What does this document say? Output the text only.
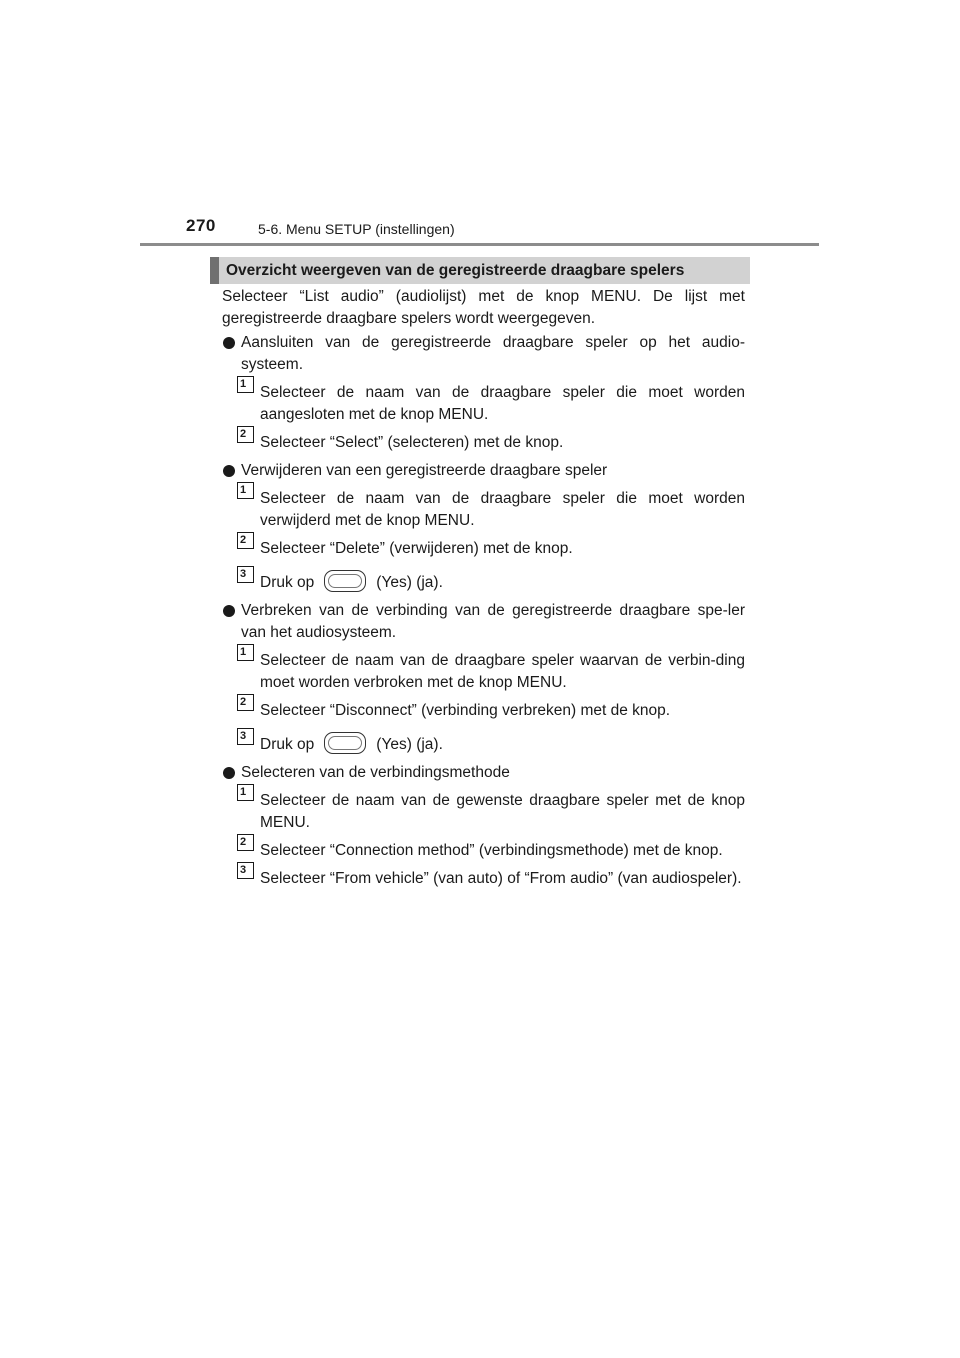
270	5-6. Menu SETUP (instellingen)
Overzicht weergeven van de geregistreerde draagbare spelers

Selecteer “List audio” (audiolijst) met de knop MENU. De lijst met geregistreerde draagbare spelers wordt weergegeven.

Aansluiten van de geregistreerde draagbare speler op het audio-systeem.
1 Selecteer de naam van de draagbare speler die moet worden aangesloten met de knop MENU.
2 Selecteer “Select” (selecteren) met de knop.
Verwijderen van een geregistreerde draagbare speler
1 Selecteer de naam van de draagbare speler die moet worden verwijderd met de knop MENU.
2 Selecteer “Delete” (verwijderen) met de knop.
3
Druk op	(Yes) (ja).
Verbreken van de verbinding van de geregistreerde draagbare spe-ler van het audiosysteem.
1 Selecteer de naam van de draagbare speler waarvan de verbin-ding moet worden verbroken met de knop MENU.
2 Selecteer “Disconnect” (verbinding verbreken) met de knop.
3
Druk op	(Yes) (ja).
Selecteren van de verbindingsmethode
1 Selecteer de naam van de gewenste draagbare speler met de knop MENU.
2 Selecteer “Connection method” (verbindingsmethode) met de knop.
3 Selecteer “From vehicle” (van auto) of “From audio” (van audiospeler).
